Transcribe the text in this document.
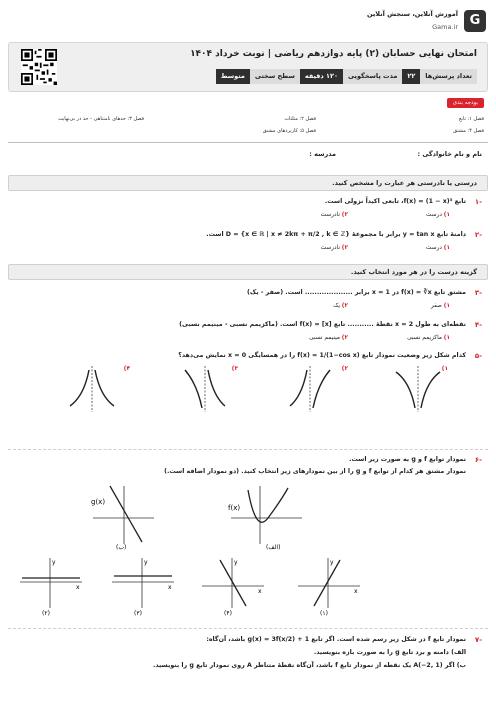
G
آموزش آنلاین، سنجش آنلاین
Gama.ir
امتحان نهایی حسابان (۲) پایه دوازدهم ریاضی | نوبت خرداد ۱۴۰۴
تعداد پرسش‌ها
۲۲
مدت پاسخگویی
۱۲۰ دقیقه
سطح سختی
متوسط
بودجه بندی
فصل ۱: تابع
فصل ۲: مثلثات
فصل ۳: حدهای نامتناهی - حد در بی‌نهایت
فصل ۴: مشتق
فصل ۵: کاربردهای مشتق
نام و نام خانوادگی :
مدرسه :
درستی یا نادرستی هر عبارت را مشخص کنید.
۱-
تابع f(x) = (1 − x)³، تابعی اکیداً نزولی است.
۱) درست
۲) نادرست
۲-
دامنهٔ تابع y = tan x برابر با مجموعهٔ D = {x ∈ ℝ | x ≠ 2kπ + π/2 , k ∈ ℤ} است.
۱) درست
۲) نادرست
گزینه درست را در هر مورد انتخاب کنید.
۳-
مشتق تابع f(x) = ∛x در x = 1 برابر .................... است. (صفر - یک)
۱) صفر
۲) یک
۴-
نقطه‌ای به طول x = 2 نقطهٔ ........... تابع f(x) = [x] است. (ماکزیمم نسبی - مینیمم نسبی)
۱) ماکزیمم نسبی
۲) مینیمم نسبی
۵-
کدام شکل زیر وضعیت نمودار تابع f(x) = 1/(1−cos x) را در همسایگی x = 0 نمایش می‌دهد؟
۱)
۲)
۳)
۴)
۶-
نمودار توابع f و g به صورت زیر است.
نمودار مشتق هر کدام از توابع f و g را از بین نمودارهای زیر انتخاب کنید. (دو نمودار اضافه است.)
g(x)
(ب)
f(x)
(الف)
y
x
(۲)
y
x
(۳)
y
x
(۴)
y
x
(۱)
۷-
نمودار تابع f در شکل زیر رسم شده است. اگر تابع g(x) = 3f(x/2) + 1 باشد، آن‌گاه:
الف) دامنه و برد تابع g را به صورت بازه بنویسید.
ب) اگر A(−2, 1) یک نقطه از نمودار تابع f باشد، آن‌گاه نقطهٔ متناظر A روی نمودار تابع g را بنویسید.
